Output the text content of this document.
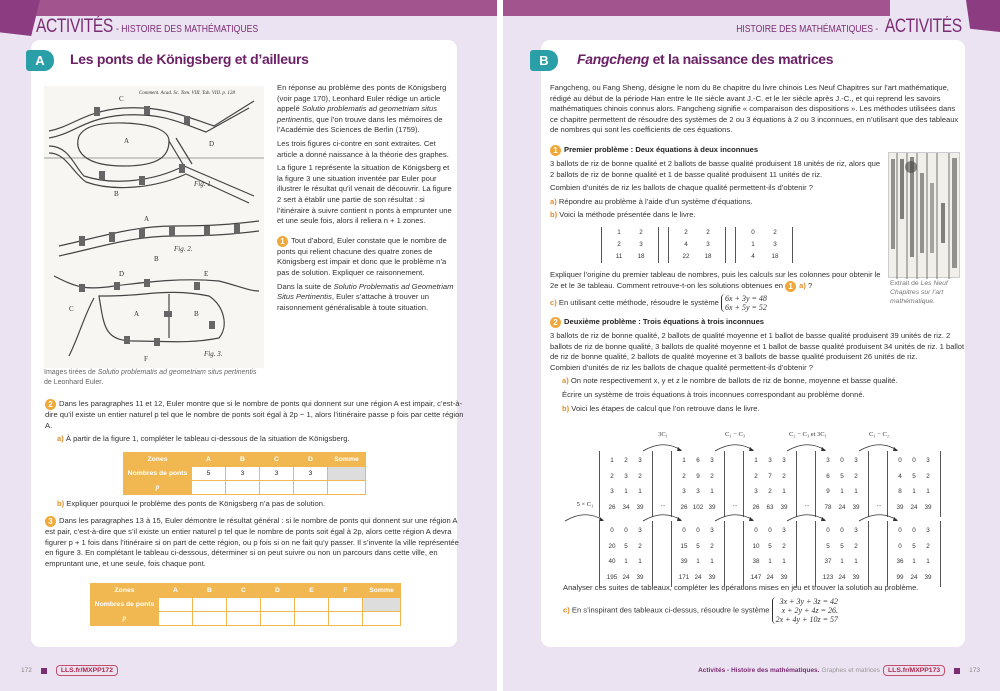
ACTIVITÉS - HISTOIRE DES MATHÉMATIQUES
A	Les ponts de Königsberg et d’ailleurs
A
C
B
D
A
B
D
A	B
C
E
F
Comment. Acad. Sc. Tom. VIII. Tab. VIII. p. 128
Fig. 1.
Fig. 2.
Fig. 3.
Images tirées de Solutio problematis ad geometriam situs pertinentis de Leonhard Euler.

En réponse au problème des ponts de Königsberg (voir page 170), Leonhard Euler rédige un article appelé Solutio problematis ad geometriam situs pertinentis, que l’on trouve dans les mémoires de l’Académie des Sciences de Berlin (1759).

Les trois figures ci-contre en sont extraites. Cet article a donné naissance à la théorie des graphes.

La figure 1 représente la situation de Königsberg et la figure 3 une situation inventée par Euler pour illustrer le résultat qu’il venait de découvrir. La figure 2 sert à établir une partie de son résultat : si l’itinéraire à suivre contient n ponts à emprunter une et une seule fois, alors il reliera n + 1 zones.

1 Tout d’abord, Euler constate que le nombre de ponts qui relient chacune des quatre zones de Königsberg est impair et donc que le problème n’a pas de solution. Expliquer ce raisonnement.

Dans la suite de Solutio Problematis ad Geometriam Situs Pertinentis, Euler s’attache à trouver un raisonnement généralisable à toute situation.

2 Dans les paragraphes 11 et 12, Euler montre que si le nombre de ponts qui donnent sur une région A est impair, c’est-à-dire qu’il existe un entier naturel p tel que le nombre de ponts soit égal à 2p − 1, alors l’itinéraire passe p fois par cette région A.

a) À partir de la figure 1, compléter le tableau ci-dessous de la situation de Königsberg.

Zones	A	B	C	D	Somme
Nombres de ponts	5	3	3	3	
p					

b) Expliquer pourquoi le problème des ponts de Königsberg n’a pas de solution.

3 Dans les paragraphes 13 à 15, Euler démontre le résultat général : si le nombre de ponts qui donnent sur une région A est pair, c’est-à-dire que s’il existe un entier naturel p tel que le nombre de ponts soit égal à 2p, alors cette région A devra figurer p + 1 fois dans l’itinéraire si on part de cette région, ou p fois si on ne fait qu’y passer. Il s’invente la ville représentée en figure 3. En complétant le tableau ci-dessous, déterminer si on peut suivre ou non un parcours dans cette ville, en empruntant une, et une seule, fois chaque pont.

Zones	A	B	C	D	E	F	Somme
Nombres de ponts							
p							
172	LLS.fr/MXPP172
HISTOIRE DES MATHÉMATIQUES - ACTIVITÉS
B	Fangcheng et la naissance des matrices

Fangcheng, ou Fang Sheng, désigne le nom du 8e chapitre du livre chinois Les Neuf Chapitres sur l’art mathématique, rédigé au début de la période Han entre le IIe siècle avant J.-C. et le Ier siècle après J.-C., et qui reprend les savoirs mathématiques chinois connus alors. Fangcheng signifie « comparaison des dispositions ». Les méthodes utilisées dans ce chapitre permettent de résoudre des systèmes de 2 ou 3 équations à 2 ou 3 inconnues, en n’utilisant que des tableaux de nombres qui sont les coefficients de ces équations.

1 Premier problème : Deux équations à deux inconnues

3 ballots de riz de bonne qualité et 2 ballots de basse qualité produisent 18 unités de riz, alors que 2 ballots de riz de bonne qualité et 1 de basse qualité produisent 11 unités de riz.

Combien d’unités de riz les ballots de chaque qualité permettent-ils d’obtenir ?

a) Répondre au problème à l’aide d’un système d’équations.

b) Voici la méthode présentée dans le livre.

Expliquer l’origine du premier tableau de nombres, puis les calculs sur les colonnes pour obtenir le 2e et le 3e tableau. Comment retrouve-t-on les solutions obtenues en 1 a) ?

c) En utilisant cette méthode, résoudre le système 6x + 3y = 48
6x + 5y = 52

Extrait de Les Neuf Chapitres sur l’art mathématique.

2 Deuxième problème : Trois équations à trois inconnues

3 ballots de riz de bonne qualité, 2 ballots de qualité moyenne et 1 ballot de basse qualité produisent 39 unités de riz. 2 ballots de riz de bonne qualité, 3 ballots de qualité moyenne et 1 ballot de basse qualité produisent 34 unités de riz. 1 ballot de riz de bonne qualité, 2 ballots de qualité moyenne et 3 ballots de basse qualité produisent 26 unités de riz.

Combien d’unités de riz les ballots de chaque qualité permettent-ils d’obtenir ?

a) On note respectivement x, y et z le nombre de ballots de riz de bonne, moyenne et basse qualité.

Écrire un système de trois équations à trois inconnues correspondant au problème donné.

b) Voici les étapes de calcul que l’on retrouve dans le livre.

Analyser ces suites de tableaux, compléter les opérations mises en jeu et trouver la solution au problème.

c) En s’inspirant des tableaux ci-dessus, résoudre le système
3x + 3y + 3z = 42
x + 2y + 4z = 26.
2x + 4y + 10z = 57

Activités - Histoire des mathématiques. Graphes et matrices	LLS.fr/MXPP173	173
1	2
2	3
11	18
2	2
4	3
22	18
0	2
1	3
4	18
1	2	3
2	3	2
3	1	1
26	34	39
1	6	3
2	9	2
3	3	1
26 102 39
1	3	3
2	7	2
3	2	1
26	63	39
3	0	3
6	5	2
9	1	1
78	24	39
0	0	3
4	5	2
8	1	1
39	24	39
3C₁	C₁ − C₃	C₂ − C₃ et 3C₁	C₁ − C₂
0	0	3
20	5	2
40	1	1
195 24	39
0	0	3
15	5	2
39	1	1
171 24	39
0	0	3
10	5	2
38	1	1
147 24	39
0	0	3
5	5	2
37	1	1
123 24	39
0	0	3
0	5	2
36	1	1
99	24	39
5 × C₁	...	...	...	...
